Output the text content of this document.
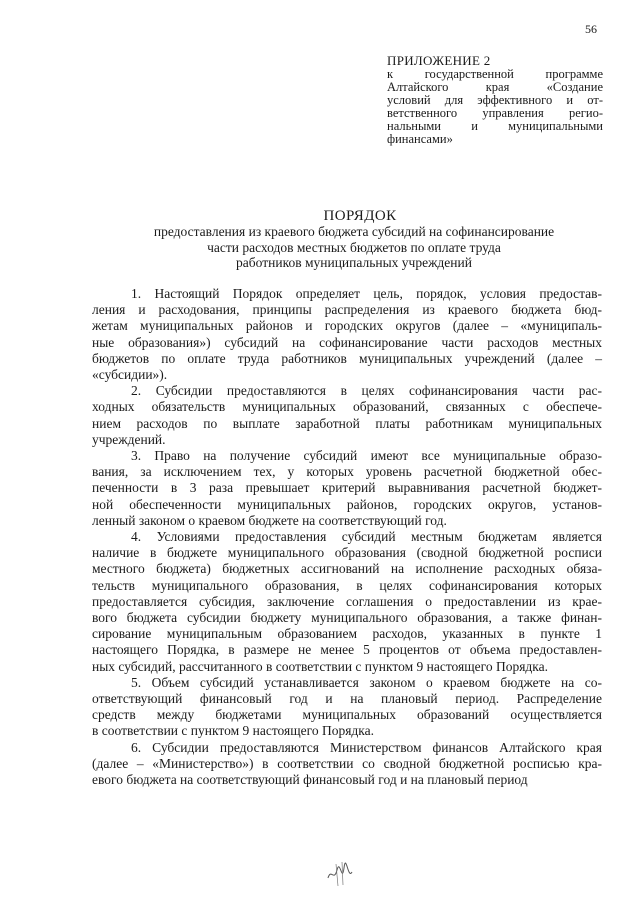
56
ПРИЛОЖЕНИЕ 2
к государственной программе
Алтайского края «Создание
условий для эффективного и от-
ветственного управления регио-
нальными и муниципальными
финансами»
ПОРЯДОК
предоставления из краевого бюджета субсидий на софинансирование
части расходов местных бюджетов по оплате труда
работников муниципальных учреждений

1. Настоящий Порядок определяет цель, порядок, условия предостав-
ления и расходования, принципы распределения из краевого бюджета бюд-
жетам муниципальных районов и городских округов (далее – «муниципаль-
ные образования») субсидий на софинансирование части расходов местных
бюджетов по оплате труда работников муниципальных учреждений (далее –
«субсидии»).

2. Субсидии предоставляются в целях софинансирования части рас-
ходных обязательств муниципальных образований, связанных с обеспече-
нием расходов по выплате заработной платы работникам муниципальных
учреждений.

3. Право на получение субсидий имеют все муниципальные образо-
вания, за исключением тех, у которых уровень расчетной бюджетной обес-
печенности в 3 раза превышает критерий выравнивания расчетной бюджет-
ной обеспеченности муниципальных районов, городских округов, установ-
ленный законом о краевом бюджете на соответствующий год.

4. Условиями предоставления субсидий местным бюджетам является
наличие в бюджете муниципального образования (сводной бюджетной росписи
местного бюджета) бюджетных ассигнований на исполнение расходных обяза-
тельств муниципального образования, в целях софинансирования которых
предоставляется субсидия, заключение соглашения о предоставлении из крае-
вого бюджета субсидии бюджету муниципального образования, а также финан-
сирование муниципальным образованием расходов, указанных в пункте 1
настоящего Порядка, в размере не менее 5 процентов от объема предоставлен-
ных субсидий, рассчитанного в соответствии с пунктом 9 настоящего Порядка.

5. Объем субсидий устанавливается законом о краевом бюджете на со-
ответствующий финансовый год и на плановый период. Распределение
средств между бюджетами муниципальных образований осуществляется
в соответствии с пунктом 9 настоящего Порядка.

6. Субсидии предоставляются Министерством финансов Алтайского края
(далее – «Министерство») в соответствии со сводной бюджетной росписью кра-
евого бюджета на соответствующий финансовый год и на плановый период
